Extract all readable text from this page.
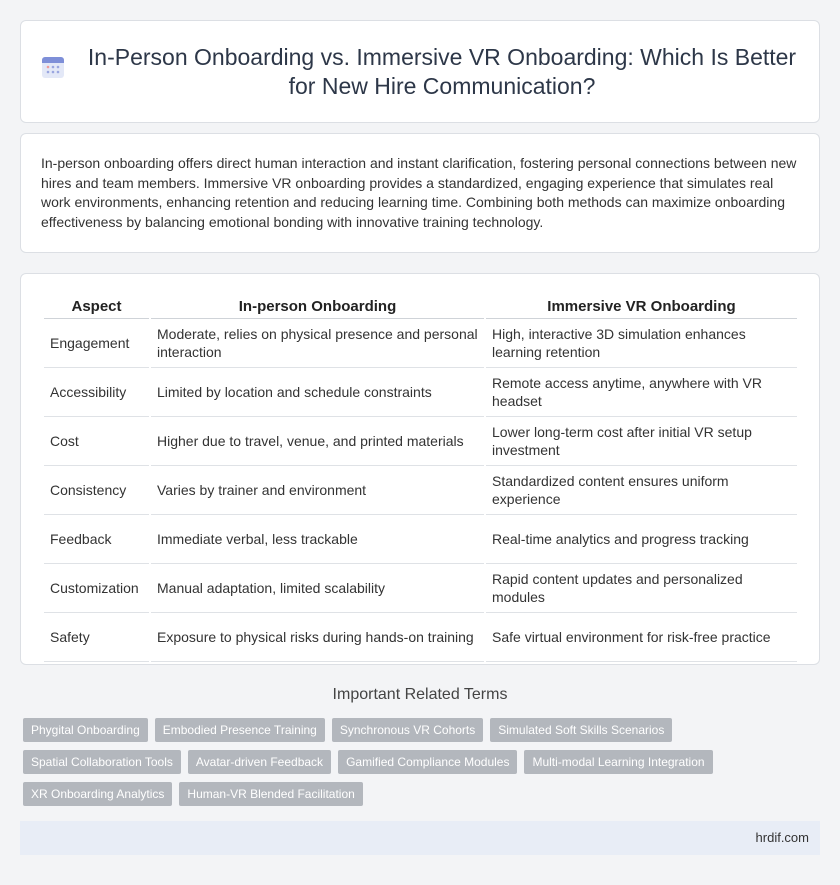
In-Person Onboarding vs. Immersive VR Onboarding: Which Is Better for New Hire Communication?

In-person onboarding offers direct human interaction and instant clarification, fostering personal connections between new hires and team members. Immersive VR onboarding provides a standardized, engaging experience that simulates real work environments, enhancing retention and reducing learning time. Combining both methods can maximize onboarding effectiveness by balancing emotional bonding with innovative training technology.

Aspect	In-person Onboarding	Immersive VR Onboarding
Engagement	Moderate, relies on physical presence and personal interaction	High, interactive 3D simulation enhances learning retention
Accessibility	Limited by location and schedule constraints	Remote access anytime, anywhere with VR headset
Cost	Higher due to travel, venue, and printed materials	Lower long-term cost after initial VR setup investment
Consistency	Varies by trainer and environment	Standardized content ensures uniform experience
Feedback	Immediate verbal, less trackable	Real-time analytics and progress tracking
Customization	Manual adaptation, limited scalability	Rapid content updates and personalized modules
Safety	Exposure to physical risks during hands-on training	Safe virtual environment for risk-free practice
Important Related Terms
Phygital Onboarding	Embodied Presence Training	Synchronous VR Cohorts	Simulated Soft Skills Scenarios
Spatial Collaboration Tools	Avatar-driven Feedback	Gamified Compliance Modules	Multi-modal Learning Integration
XR Onboarding Analytics	Human-VR Blended Facilitation
hrdif.com
